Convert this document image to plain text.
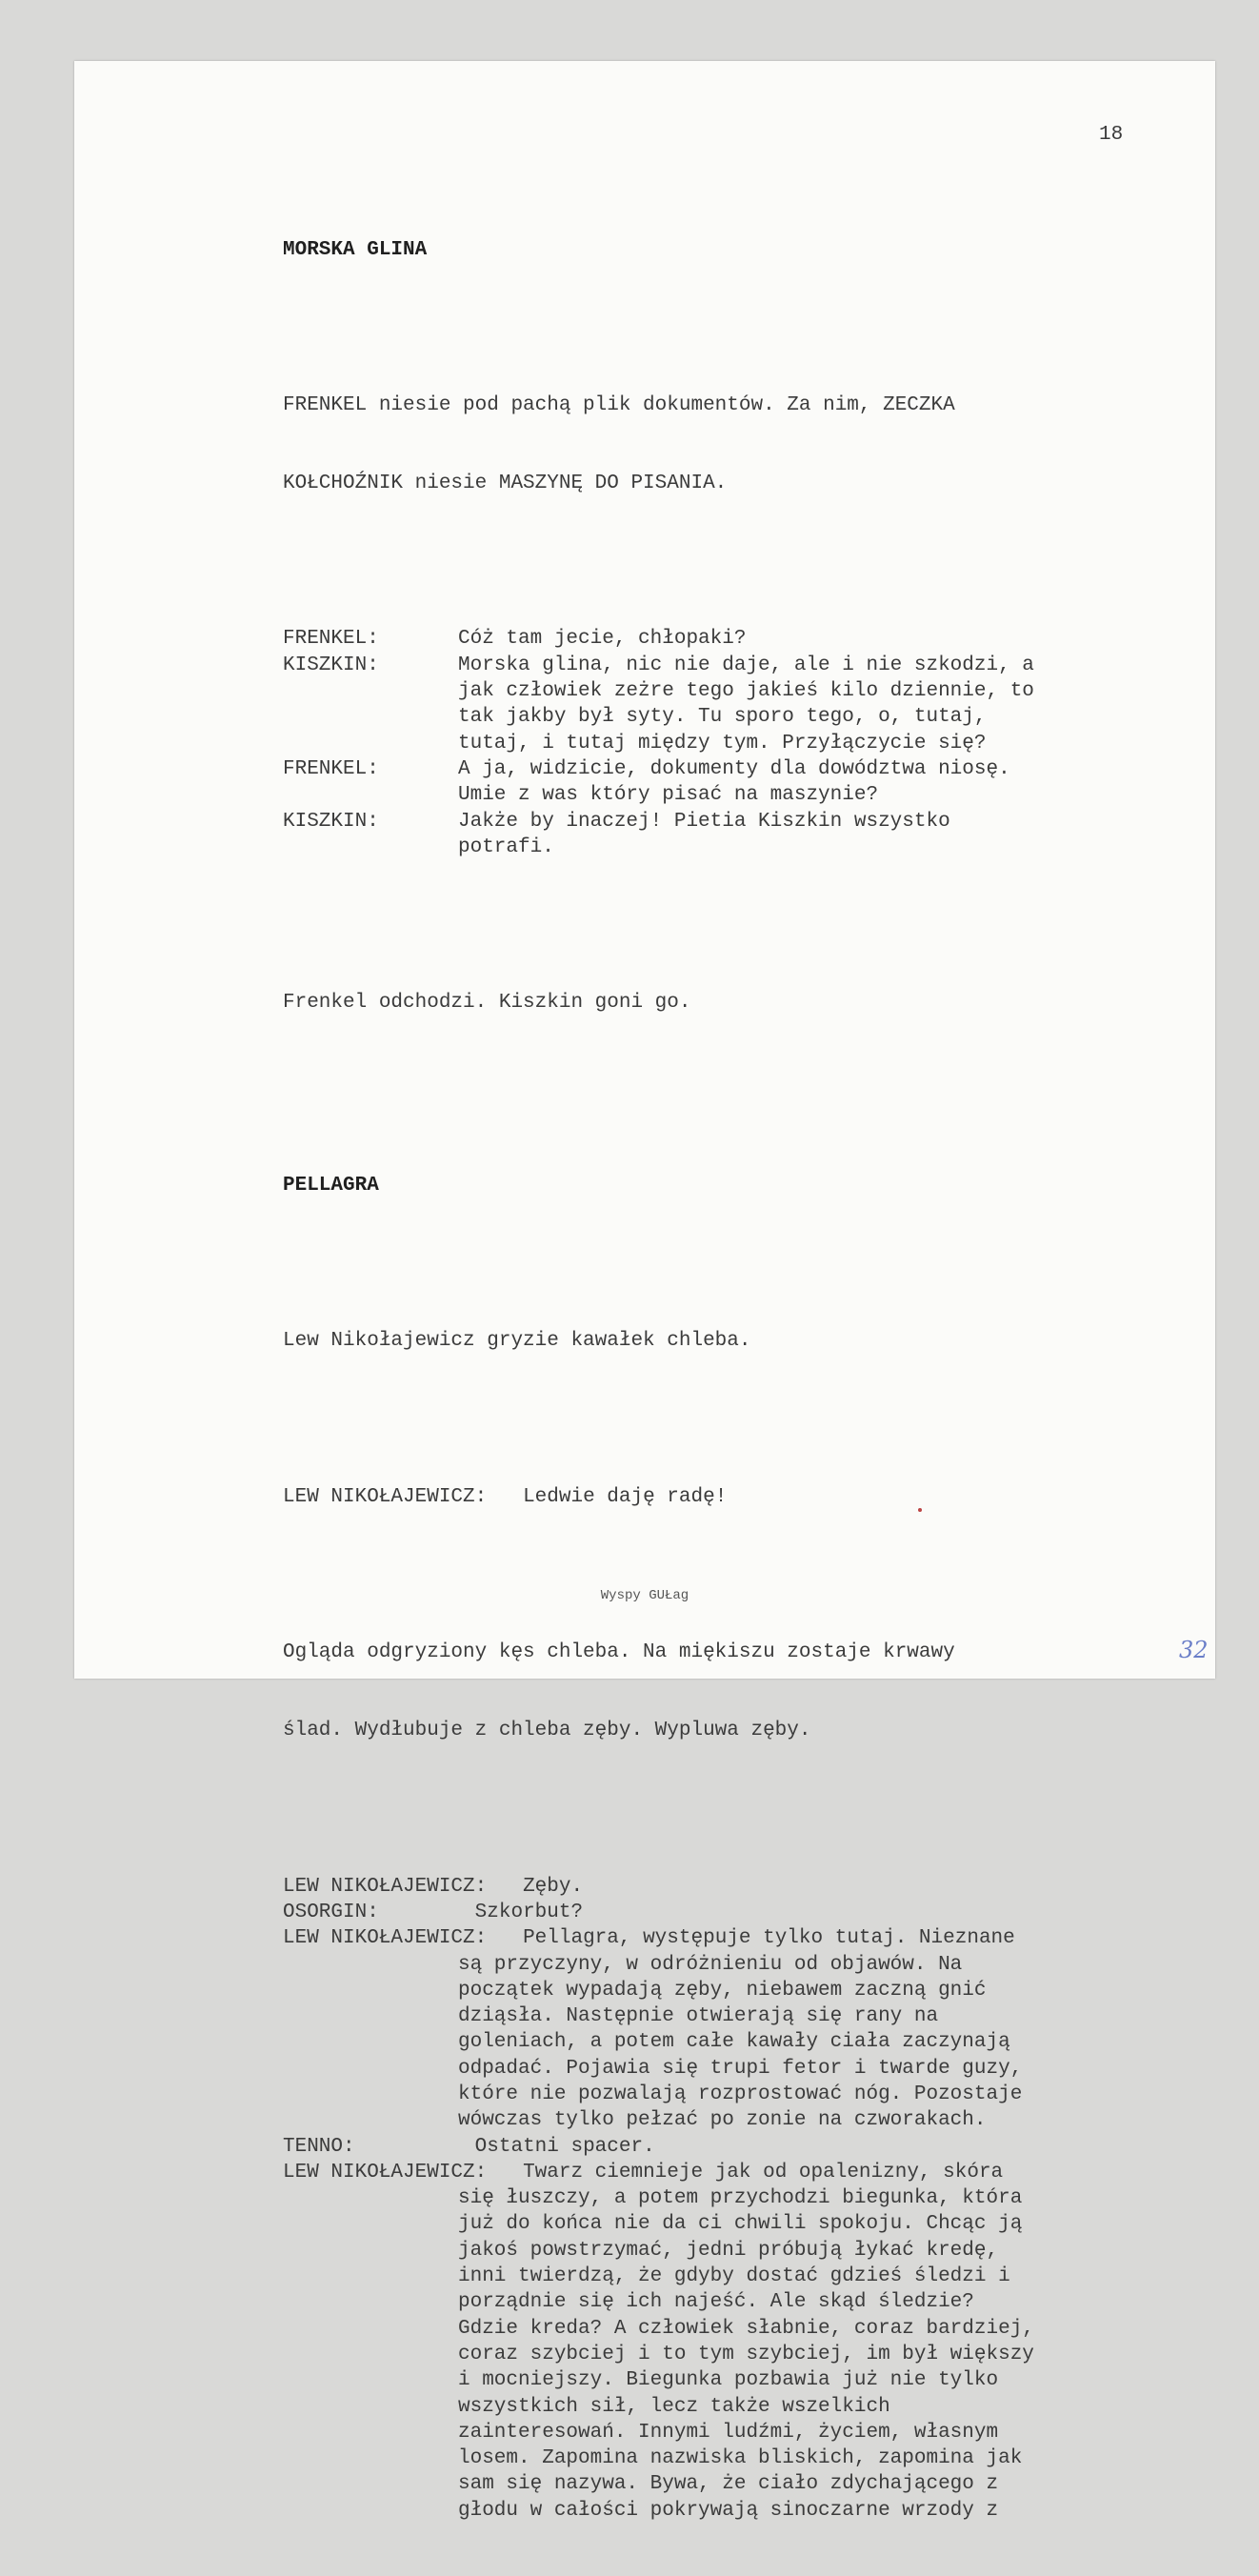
18

MORSKA GLINA

FRENKEL niesie pod pachą plik dokumentów. Za nim, ZECZKA

KOŁCHOŹNIK niesie MASZYNĘ DO PISANIA.

FRENKEL:	Cóż tam jecie, chłopaki?
KISZKIN:	Morska glina, nic nie daje, ale i nie szkodzi, a
jak człowiek zeżre tego jakieś kilo dziennie, to
tak jakby był syty. Tu sporo tego, o, tutaj,
tutaj, i tutaj między tym. Przyłączycie się?
FRENKEL:	A ja, widzicie, dokumenty dla dowództwa niosę.
Umie z was który pisać na maszynie?
KISZKIN:	Jakże by inaczej! Pietia Kiszkin wszystko
potrafi.

Frenkel odchodzi. Kiszkin goni go.

PELLAGRA

Lew Nikołajewicz gryzie kawałek chleba.

LEW NIKOŁAJEWICZ: Ledwie daję radę!

Ogląda odgryziony kęs chleba. Na miękiszu zostaje krwawy

ślad. Wydłubuje z chleba zęby. Wypluwa zęby.

LEW NIKOŁAJEWICZ: Zęby.
OSORGIN:	Szkorbut?
LEW NIKOŁAJEWICZ: Pellagra, występuje tylko tutaj. Nieznane
są przyczyny, w odróżnieniu od objawów. Na
początek wypadają zęby, niebawem zaczną gnić
dziąsła. Następnie otwierają się rany na
goleniach, a potem całe kawały ciała zaczynają
odpadać. Pojawia się trupi fetor i twarde guzy,
które nie pozwalają rozprostować nóg. Pozostaje
wówczas tylko pełzać po zonie na czworakach.
TENNO:	Ostatni spacer.
LEW NIKOŁAJEWICZ: Twarz ciemnieje jak od opalenizny, skóra
się łuszczy, a potem przychodzi biegunka, która
już do końca nie da ci chwili spokoju. Chcąc ją
jakoś powstrzymać, jedni próbują łykać kredę,
inni twierdzą, że gdyby dostać gdzieś śledzi i
porządnie się ich najeść. Ale skąd śledzie?
Gdzie kreda? A człowiek słabnie, coraz bardziej,
coraz szybciej i to tym szybciej, im był większy
i mocniejszy. Biegunka pozbawia już nie tylko
wszystkich sił, lecz także wszelkich
zainteresowań. Innymi ludźmi, życiem, własnym
losem. Zapomina nazwiska bliskich, zapomina jak
sam się nazywa. Bywa, że ciało zdychającego z
głodu w całości pokrywają sinoczarne wrzody z

Wyspy GUŁag
32
